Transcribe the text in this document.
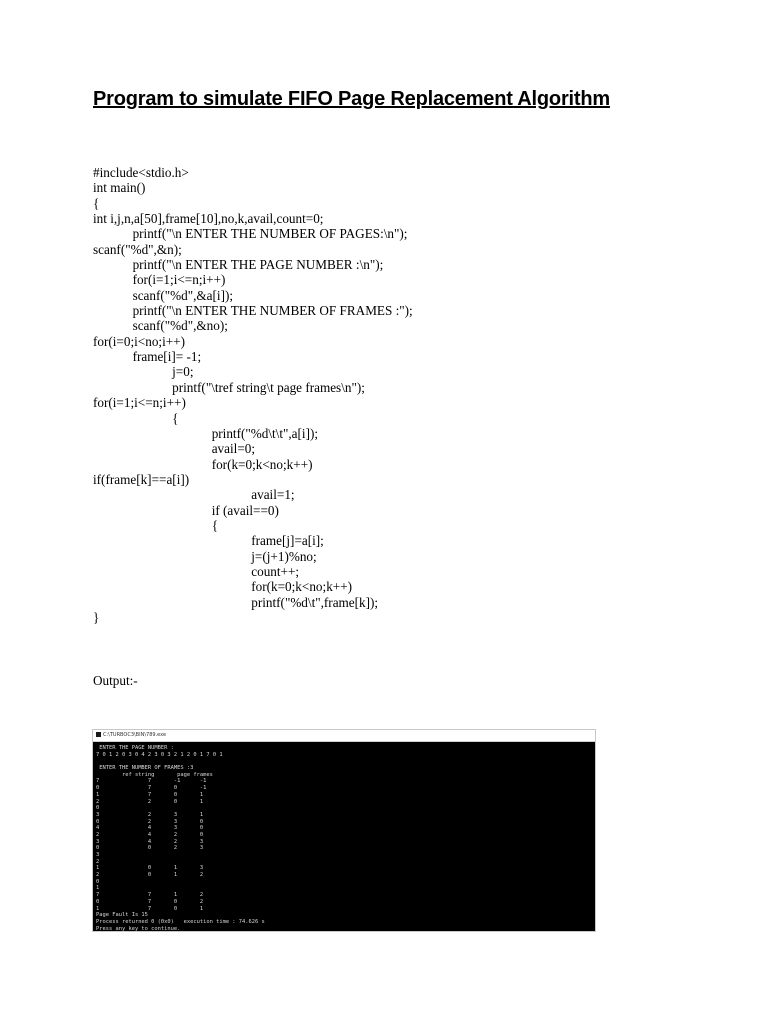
Program to simulate FIFO Page Replacement Algorithm
#include<stdio.h>
int main()
{
int i,j,n,a[50],frame[10],no,k,avail,count=0;
printf("\n ENTER THE NUMBER OF PAGES:\n");
scanf("%d",&n);
printf("\n ENTER THE PAGE NUMBER :\n");
for(i=1;i<=n;i++)
scanf("%d",&a[i]);
printf("\n ENTER THE NUMBER OF FRAMES :");
scanf("%d",&no);
for(i=0;i<no;i++)
frame[i]= -1;
j=0;
printf("\tref string\t page frames\n");
for(i=1;i<=n;i++)
{
printf("%d\t\t",a[i]);
avail=0;
for(k=0;k<no;k++)
if(frame[k]==a[i])
avail=1;
if (avail==0)
{
frame[j]=a[i];
j=(j+1)%no;
count++;
for(k=0;k<no;k++)
printf("%d\t",frame[k]);
}
Output:-
C:\TURBOC3\BIN\789.exe
ENTER THE PAGE NUMBER :
7 0 1 2 0 3 0 4 2 3 0 3 2 1 2 0 1 7 0 1
ENTER THE NUMBER OF FRAMES :3
ref string       page frames
7               7       -1      -1
0               7       0       -1
1               7       0       1
2               2       0       1
0
3               2       3       1
0               2       3       0
4               4       3       0
2               4       2       0
3               4       2       3
0               0       2       3
3
2
1               0       1       3
2               0       1       2
0
1
7               7       1       2
0               7       0       2
1               7       0       1
Page Fault Is 15
Process returned 0 (0x0)   execution time : 74.626 s
Press any key to continue.
